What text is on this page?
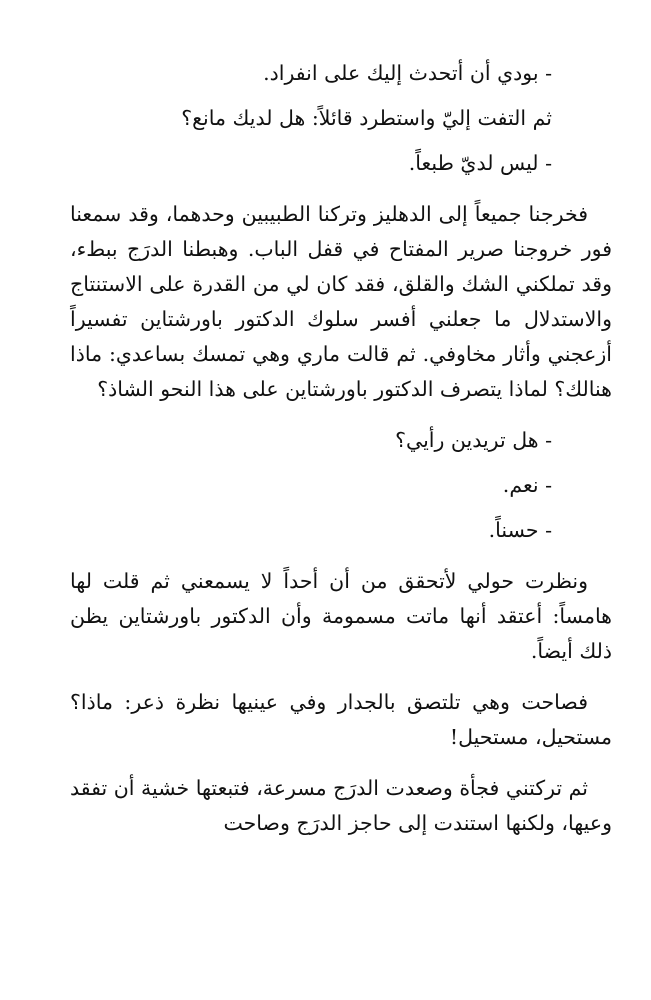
- بودي أن أتحدث إليك على انفراد.

ثم التفت إليّ واستطرد قائلاً: هل لديك مانع؟

- ليس لديّ طبعاً.

فخرجنا جميعاً إلى الدهليز وتركنا الطبيبين وحدهما، وقد سمعنا فور خروجنا صرير المفتاح في قفل الباب. وهبطنا الدرَج ببطء، وقد تملكني الشك والقلق، فقد كان لي من القدرة على الاستنتاج والاستدلال ما جعلني أفسر سلوك الدكتور باورشتاين تفسيراً أزعجني وأثار مخاوفي. ثم قالت ماري وهي تمسك بساعدي: ماذا هنالك؟ لماذا يتصرف الدكتور باورشتاين على هذا النحو الشاذ؟

- هل تريدين رأيي؟

- نعم.

- حسناً.

ونظرت حولي لأتحقق من أن أحداً لا يسمعني ثم قلت لها هامساً: أعتقد أنها ماتت مسمومة وأن الدكتور باورشتاين يظن ذلك أيضاً.

فصاحت وهي تلتصق بالجدار وفي عينيها نظرة ذعر: ماذا؟ مستحيل، مستحيل!

ثم تركتني فجأة وصعدت الدرَج مسرعة، فتبعتها خشية أن تفقد وعيها، ولكنها استندت إلى حاجز الدرَج وصاحت
